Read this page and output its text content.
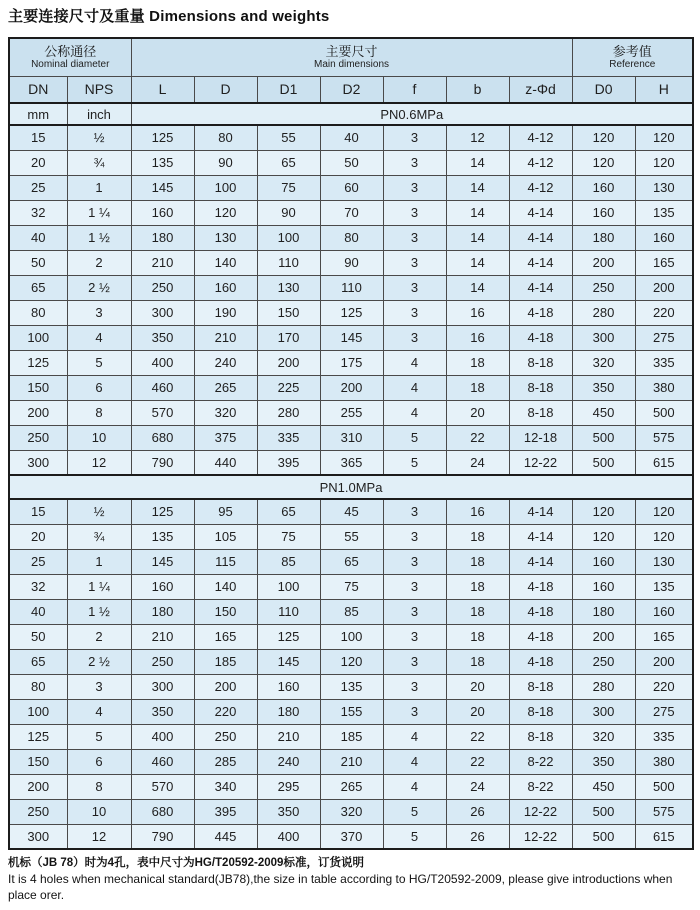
主要连接尺寸及重量 Dimensions and weights
公称通径
Nominal diameter

主要尺寸
Main dimensions

参考值
Reference

DN	NPS	L	D	D1	D2	f	b	z-Φd	D0	H
mm	inch	PN0.6MPa								
15	½	125	80	55	40	3	12	4-12	120	120
20	¾	135	90	65	50	3	14	4-12	120	120
25	1	145	100	75	60	3	14	4-12	160	130
32	1 ¼	160	120	90	70	3	14	4-14	160	135
40	1 ½	180	130	100	80	3	14	4-14	180	160
50	2	210	140	110	90	3	14	4-14	200	165
65	2 ½	250	160	130	110	3	14	4-14	250	200
80	3	300	190	150	125	3	16	4-18	280	220
100	4	350	210	170	145	3	16	4-18	300	275
125	5	400	240	200	175	4	18	8-18	320	335
150	6	460	265	225	200	4	18	8-18	350	380
200	8	570	320	280	255	4	20	8-18	450	500
250	10	680	375	335	310	5	22	12-18	500	575
300	12	790	440	395	365	5	24	12-22	500	615
PN1.0MPa										
15	½	125	95	65	45	3	16	4-14	120	120
20	¾	135	105	75	55	3	18	4-14	120	120
25	1	145	115	85	65	3	18	4-14	160	130
32	1 ¼	160	140	100	75	3	18	4-18	160	135
40	1 ½	180	150	110	85	3	18	4-18	180	160
50	2	210	165	125	100	3	18	4-18	200	165
65	2 ½	250	185	145	120	3	18	4-18	250	200
80	3	300	200	160	135	3	20	8-18	280	220
100	4	350	220	180	155	3	20	8-18	300	275
125	5	400	250	210	185	4	22	8-18	320	335
150	6	460	285	240	210	4	22	8-22	350	380
200	8	570	340	295	265	4	24	8-22	450	500
250	10	680	395	350	320	5	26	12-22	500	575
300	12	790	445	400	370	5	26	12-22	500	615
机标（JB 78）时为4孔，表中尺寸为HG/T20592-2009标准，订货说明
It is 4 holes when mechanical standard(JB78),the size in table according to HG/T20592-2009, please give introductions when place orer.
